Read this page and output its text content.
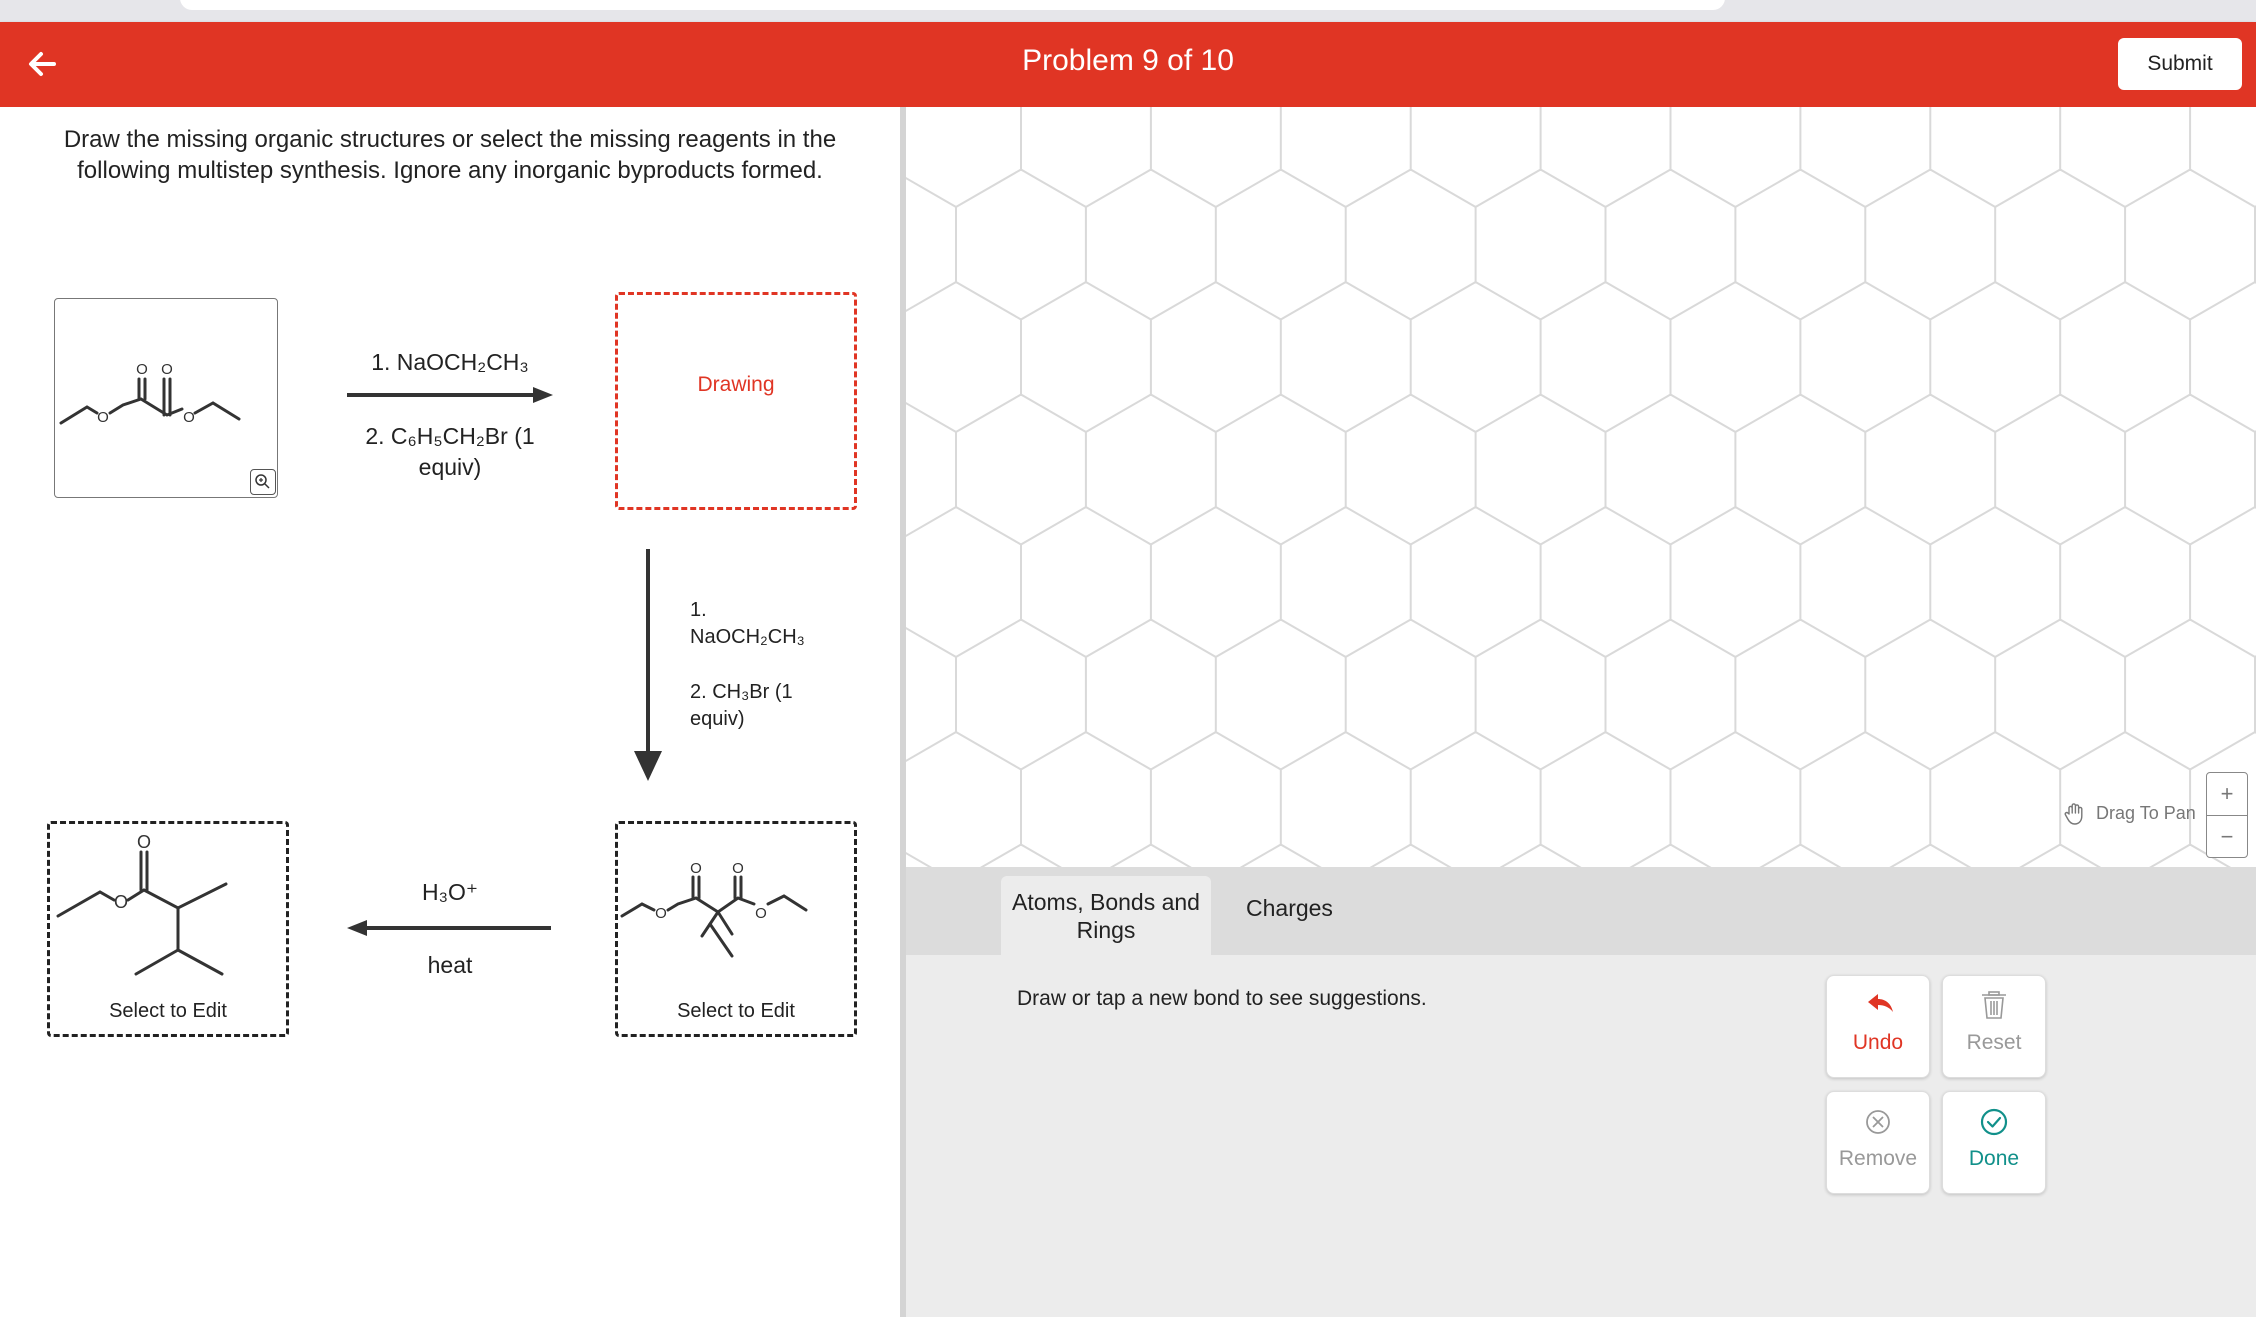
Problem 9 of 10	Submit
Draw the missing organic structures or select the missing reagents in the following multistep synthesis. Ignore any inorganic byproducts formed.
O
O O
O
1. NaOCH₂CH₃
2. C₆H₅CH₂Br (1 equiv)
Drawing
1.
NaOCH₂CH₃
2. CH₃Br (1 equiv)
O O
O	O
Select to Edit
H₃O⁺
heat
O
O
Select to Edit
Drag To Pan
+
−
Atoms, Bonds and Rings
Charges
Draw or tap a new bond to see suggestions.
Undo	Reset
Remove	Done
